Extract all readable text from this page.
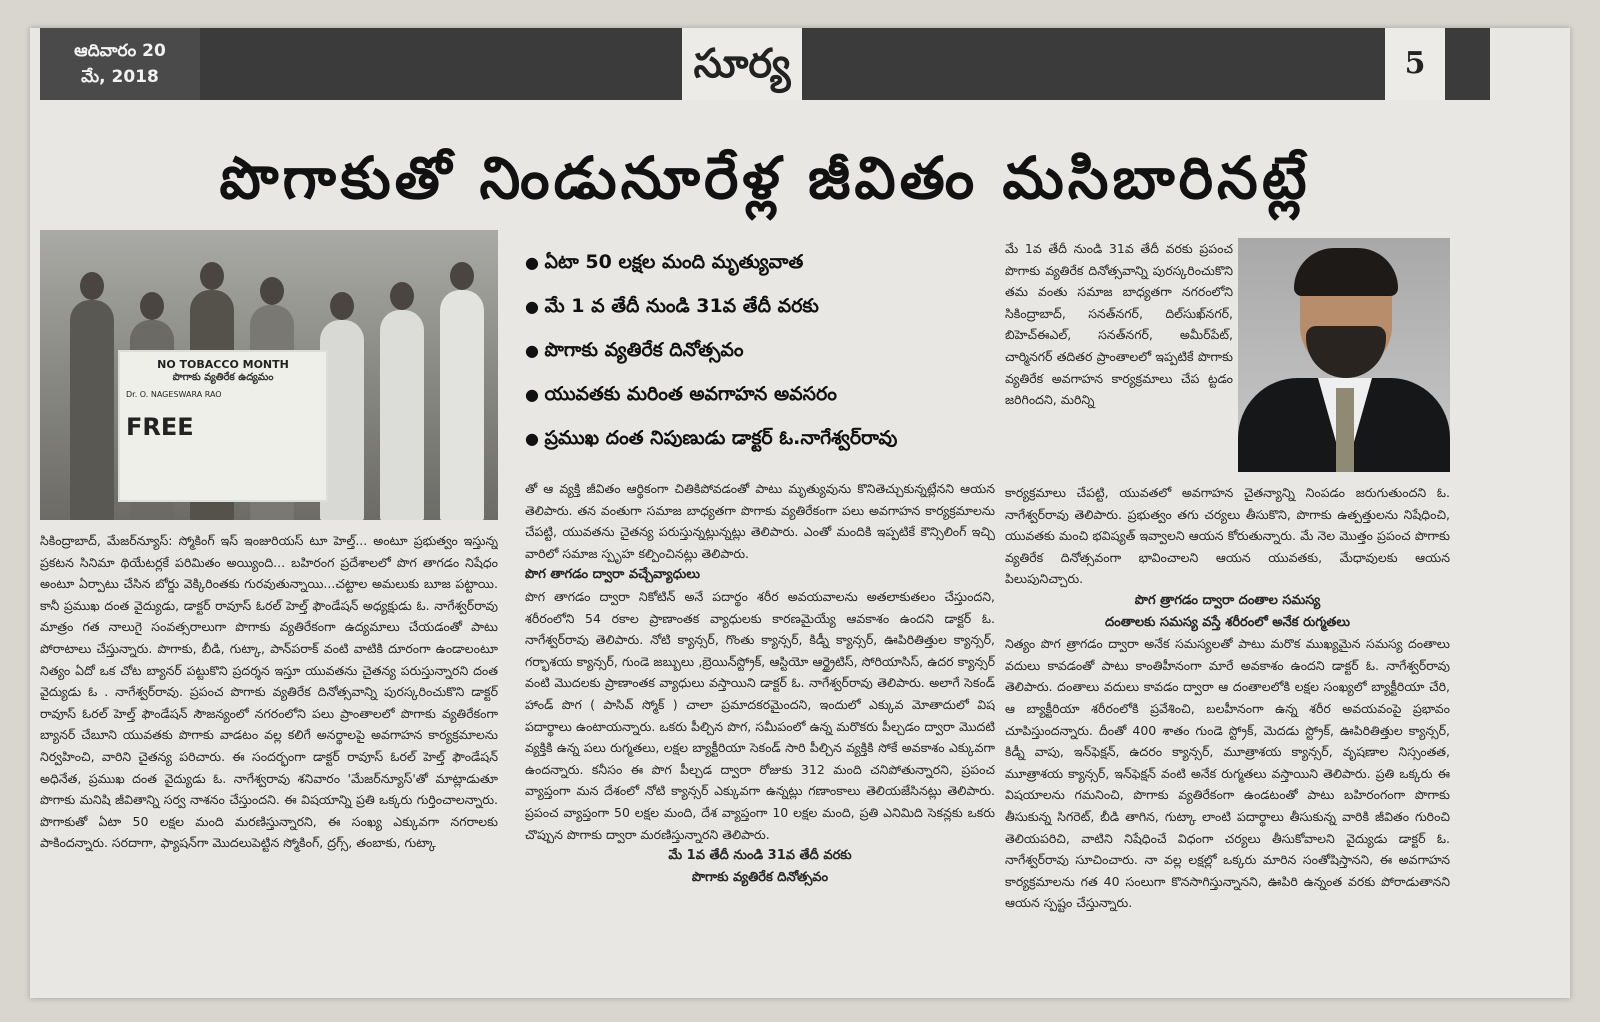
ఆదివారం 20
మే, 2018	సూర్య	5
పొగాకుతో నిండునూరేళ్ల జీవితం మసిబారినట్లే
NO TOBACCO MONTH
పొగాకు వ్యతిరేక ఉద్యమం
Dr. O. NAGESWARA RAO
FREE
● ఏటా 50 లక్షల మంది మృత్యువాత
● మే 1 వ తేదీ నుండి 31వ తేదీ వరకు
● పొగాకు వ్యతిరేక దినోత్సవం
● యువతకు మరింత అవగాహన అవసరం
● ప్రముఖ దంత నిపుణుడు డాక్టర్ ఓ.నాగేశ్వర్‌రావు

సికింద్రాబాద్, మేజర్‌న్యూస్: స్మోకింగ్ ఇస్ ఇంజురియస్ టూ హెల్త్... అంటూ ప్రభుత్వం ఇస్తున్న ప్రకటన సినిమా థియేటర్లకే పరిమితం అయ్యింది... బహిరంగ ప్రదేశాలలో పొగ తాగడం నిషేధం అంటూ ఏర్పాటు చేసిన బోర్డు వెక్కిరింతకు గురవుతున్నాయి...చట్టాల అమలుకు బూజ పట్టాయి. కానీ ప్రముఖ దంత వైద్యుడు, డాక్టర్ రావూస్ ఓరల్ హెల్త్ ఫౌండేషన్ అధ్యక్షుడు ఓ. నాగేశ్వర్‌రావు మాత్రం గత నాలుగై సంవత్సరాలుగా పొగాకు వ్యతిరేకంగా ఉద్యమాలు చేయడంతో పాటు పోరాటాలు చేస్తున్నారు. పొగాకు, బీడి, గుట్కా, పాన్‌పరాక్ వంటి వాటికి దూరంగా ఉండాలంటూ నిత్యం ఏదో ఒక చోట బ్యానర్ పట్టుకొని ప్రదర్శన ఇస్తూ యువతను చైతన్య పరుస్తున్నారని దంత వైద్యుడు ఓ . నాగేశ్వర్‌రావు. ప్రపంచ పొగాకు వ్యతిరేక దినోత్సవాన్ని పురస్కరించుకొని డాక్టర్ రావూస్ ఓరల్ హెల్త్ ఫౌండేషన్ సౌజన్యంలో నగరంలోని పలు ప్రాంతాలలో పొగాకు వ్యతిరేకంగా బ్యానర్ చేబూని యువతకు పొగాకు వాడటం వల్ల కలిగే అనర్థాలపై అవగాహన కార్యక్రమాలను నిర్వహించి, వారిని చైతన్య పరిచారు. ఈ సందర్భంగా డాక్టర్ రావూస్ ఓరల్ హెల్త్ ఫౌండేషన్ అధినేత, ప్రముఖ దంత వైద్యుడు ఓ. నాగేశ్వరావు శనివారం 'మేజర్‌న్యూస్'తో మాట్లాడుతూ పొగాకు మనిషి జీవితాన్ని సర్వ నాశనం చేస్తుందని. ఈ విషయాన్ని ప్రతి ఒక్కరు గుర్తించాలన్నారు. పొగాకుతో ఏటా 50 లక్షల మంది మరణిస్తున్నారని, ఈ సంఖ్య ఎక్కువగా నగరాలకు పాకిందన్నారు. సరదాగా, ఫ్యాషన్‌గా మొదలుపెట్టిన స్మోకింగ్, ద్రగ్స్, తంబాకు, గుట్కా

తో ఆ వ్యక్తి జీవితం ఆర్థికంగా చితికిపోవడంతో పాటు మృత్యువును కొనితెచ్చుకున్నట్లేనని ఆయన తెలిపారు. తన వంతుగా సమాజ బాధ్యతగా పొగాకు వ్యతిరేకంగా పలు అవగాహన కార్యక్రమాలను చేపట్టి, యువతను చైతన్య పరుస్తున్నట్లున్నట్లు తెలిపారు. ఎంతో మందికి ఇప్పటికే కౌన్సిలింగ్ ఇచ్చి వారిలో సమాజ స్పృహ కల్పించినట్లు తెలిపారు.

పొగ తాగడం ద్వారా వచ్చేవ్యాధులు

పొగ తాగడం ద్వారా నికోటిన్ అనే పదార్థం శరీర అవయవాలను అతలాకుతలం చేస్తుందని, శరీరంలోని 54 రకాల ప్రాణాంతక వ్యాధులకు కారణమైయ్యే ఆవకాశం ఉందని డాక్టర్ ఓ. నాగేశ్వర్‌రావు తెలిపారు. నోటి క్యాన్సర్, గొంతు క్యాన్సర్, కిడ్నీ క్యాన్సర్, ఊపిరితిత్తుల క్యాన్సర్, గర్భాశయ క్యాన్సర్, గుండె జబ్బులు ,బ్రెయిన్‌స్ట్రోక్, ఆస్టియో ఆర్థ్రైటిస్, సోరియాసిస్, ఉదర క్యాన్సర్ వంటి మొదలకు ప్రాణాంతక వ్యాధులు వస్తాయిని డాక్టర్ ఓ. నాగేశ్వర్‌రావు తెలిపారు. అలాగే సెకండ్ హాండ్ పొగ ( పాసివ్ స్మోక్ ) చాలా ప్రమాదకరమైందని, ఇందులో ఎక్కువ మోతాదులో విష పదార్థాలు ఉంటాయన్నారు. ఒకరు పీల్చిన పొగ, సమీపంలో ఉన్న మరొకరు పీల్చడం ద్వారా మొదటి వ్యక్తికి ఉన్న పలు రుగ్మతలు, లక్షల బ్యాక్టీరియా సెకండ్ సారి పీల్చిన వ్యక్తికి సోకే అవకాశం ఎక్కువగా ఉందన్నారు. కనీసం ఈ పొగ పీల్చడ ద్వారా రోజుకు 312 మంది చనిపోతున్నారని, ప్రపంచ వ్యాప్తంగా మన దేశంలో నోటి క్యాన్సర్ ఎక్కువగా ఉన్నట్లు గణాంకాలు తెలియజేసినట్లు తెలిపారు. ప్రపంచ వ్యాప్తంగా 50 లక్షల మంది, దేశ వ్యాప్తంగా 10 లక్షల మంది, ప్రతి ఎనిమిది సెకన్లకు ఒకరు చొప్పున పొగాకు ద్వారా మరణిస్తున్నారని తెలిపారు.

మే 1వ తేదీ నుండి 31వ తేదీ వరకు
పొగాకు వ్యతిరేక దినోత్సవం

మే 1వ తేదీ నుండి 31వ తేదీ వరకు ప్రపంచ పొగాకు వ్యతిరేక దినోత్సవాన్ని పురస్కరించుకొని తమ వంతు సమాజ బాధ్యతగా నగరంలోని సికింద్రాబాద్, సనత్‌నగర్, దిల్‌సుఖ్‌నగర్, బిహెచ్‌ఈఎల్, సనత్‌నగర్, అమీర్‌పేట్, చార్మినగర్ తదితర ప్రాంతాలలో ఇప్పటికే పొగాకు వ్యతిరేక అవగాహన కార్యక్రమాలు చేప ట్టడం జరిగిందని, మరిన్ని

కార్యక్రమాలు చేపట్టి, యువతలో అవగాహన చైతన్యాన్ని నింపడం జరుగుతుందని ఓ. నాగేశ్వర్‌రావు తెలిపారు. ప్రభుత్వం తగు చర్యలు తీసుకొని, పొగాకు ఉత్పత్తులను నిషేధించి, యువతకు మంచి భవిష్యత్ ఇవ్వాలని ఆయన కోరుతున్నారు. మే నెల మొత్తం ప్రపంచ పొగాకు వ్యతిరేక దినోత్సవంగా భావించాలని ఆయన యువతకు, మేధావులకు ఆయన పిలుపునిచ్చారు.

పొగ త్రాగడం ద్వారా దంతాల సమస్య
దంతాలకు సమస్య వస్తే శరీరంలో అనేక రుగ్మతలు

నిత్యం పొగ త్రాగడం ద్వారా అనేక సమస్యలతో పాటు మరొక ముఖ్యమైన సమస్య దంతాలు వదులు కావడంతో పాటు కాంతిహీనంగా మారే అవకాశం ఉందని డాక్టర్ ఓ. నాగేశ్వర్‌రావు తెలిపారు. దంతాలు వదులు కావడం ద్వారా ఆ దంతాలలోకి లక్షల సంఖ్యలో బ్యాక్టీరియా చేరి, ఆ బ్యాక్టీరియా శరీరంలోకి ప్రవేశించి, బలహీనంగా ఉన్న శరీర అవయవంపై ప్రభావం చూపిస్తుందన్నారు. దీంతో 400 శాతం గుండె స్ట్రోక్, మెదడు స్ట్రోక్, ఊపిరితిత్తుల క్యాన్సర్, కిడ్నీ వాపు, ఇన్‌ఫెక్షన్, ఉదరం క్యాన్సర్, మూత్రాశయ క్యాన్సర్, వృషణాల నిస్సంతత, మూత్రాశయ క్యాన్సర్, ఇన్‌ఫెక్షన్ వంటి అనేక రుగ్మతలు వస్తాయిని తెలిపారు. ప్రతి ఒక్కరు ఈ విషయాలను గమనించి, పొగాకు వ్యతిరేకంగా ఉండటంతో పాటు బహిరంగంగా పొగాకు తీసుకున్న సిగరెట్, బీడి తాగిన, గుట్కా లాంటి పదార్థాలు తీసుకున్న వారికి జీవితం గురించి తెలియపరిచి, వాటిని నిషేధించే విధంగా చర్యలు తీసుకోవాలని వైద్యుడు డాక్టర్ ఓ. నాగేశ్వర్‌రావు సూచించారు. నా వల్ల లక్షల్లో ఒక్కరు మారిన సంతోషిస్తానని, ఈ అవగాహన కార్యక్రమాలను గత 40 సంలుగా కొనసాగిస్తున్నానని, ఊపిరి ఉన్నంత వరకు పోరాడుతానని ఆయన స్పష్టం చేస్తున్నారు.
